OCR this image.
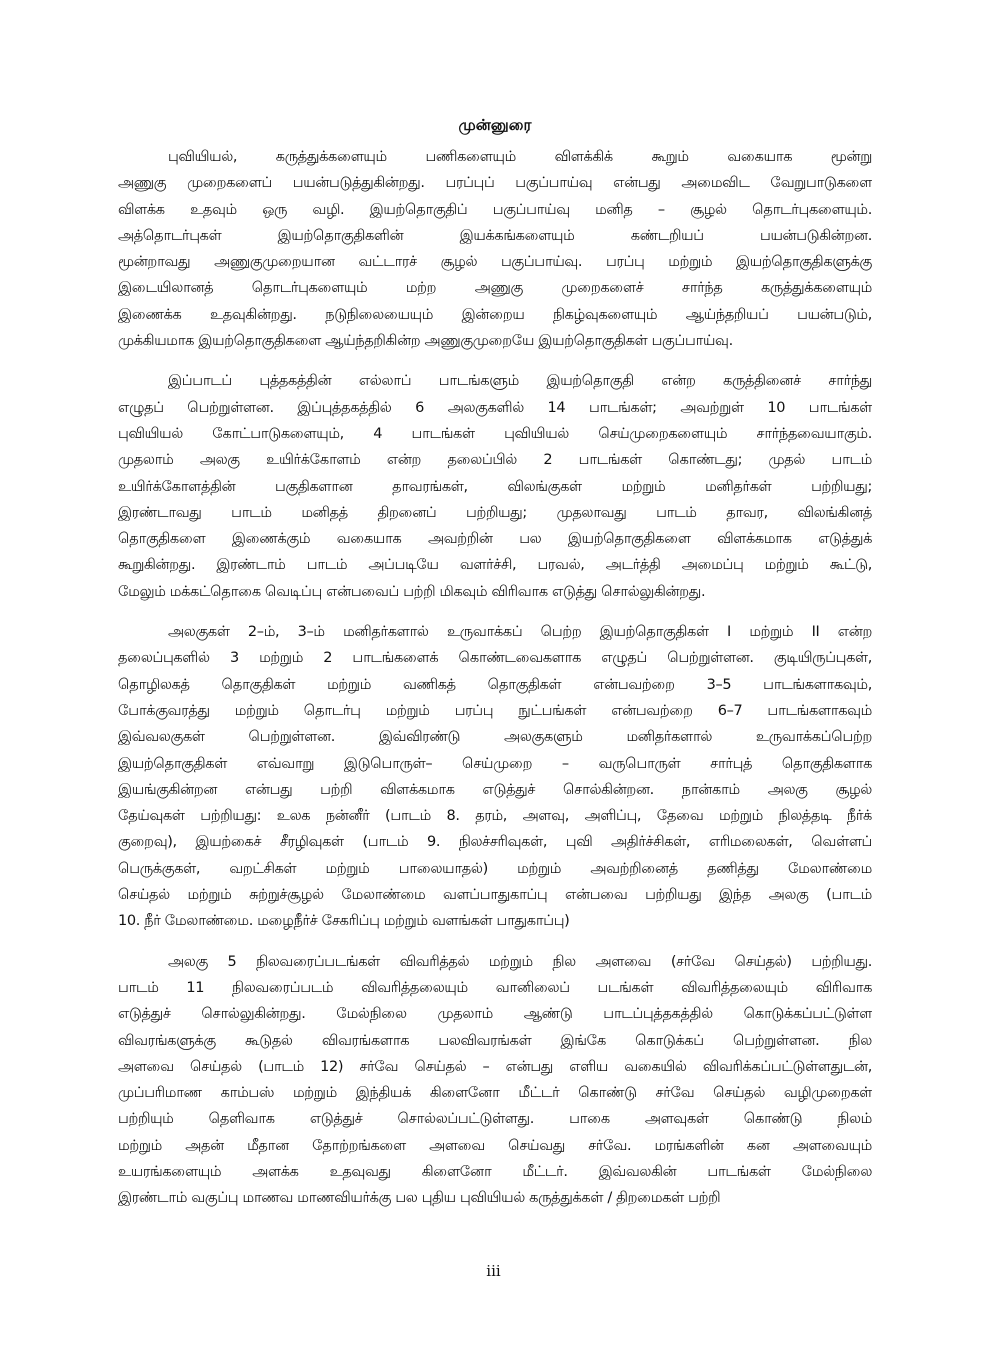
முன்னுரை
புவியியல், கருத்துக்களையும் பணிகளையும் விளக்கிக் கூறும் வகையாக மூன்று
அணுகு முறைகளைப் பயன்படுத்துகின்றது. பரப்புப் பகுப்பாய்வு என்பது அமைவிட வேறுபாடுகளை
விளக்க உதவும் ஒரு வழி. இயற்தொகுதிப் பகுப்பாய்வு மனித – சூழல் தொடர்புகளையும்.
அத்தொடர்புகள் இயற்தொகுதிகளின் இயக்கங்களையும் கண்டறியப் பயன்படுகின்றன.
மூன்றாவது அணுகுமுறையான வட்டாரச் சூழல் பகுப்பாய்வு. பரப்பு மற்றும் இயற்தொகுதிகளுக்கு
இடையிலானத் தொடர்புகளையும் மற்ற அணுகு முறைகளைச் சார்ந்த கருத்துக்களையும்
இணைக்க உதவுகின்றது. நடுநிலையையும் இன்றைய நிகழ்வுகளையும் ஆய்ந்தறியப் பயன்படும்,
முக்கியமாக இயற்தொகுதிகளை ஆய்ந்தறிகின்ற அணுகுமுறையே இயற்தொகுதிகள் பகுப்பாய்வு.
இப்பாடப் புத்தகத்தின் எல்லாப் பாடங்களும் இயற்தொகுதி என்ற கருத்தினைச் சார்ந்து
எழுதப் பெற்றுள்ளன. இப்புத்தகத்தில் 6 அலகுகளில் 14 பாடங்கள்; அவற்றுள் 10 பாடங்கள்
புவியியல் கோட்பாடுகளையும், 4 பாடங்கள் புவியியல் செய்முறைகளையும் சார்ந்தவையாகும்.
முதலாம் அலகு உயிர்க்கோளம் என்ற தலைப்பில் 2 பாடங்கள் கொண்டது; முதல் பாடம்
உயிர்க்கோளத்தின் பகுதிகளான தாவரங்கள், விலங்குகள் மற்றும் மனிதர்கள் பற்றியது;
இரண்டாவது பாடம் மனிதத் திறனைப் பற்றியது; முதலாவது பாடம் தாவர, விலங்கினத்
தொகுதிகளை இணைக்கும் வகையாக அவற்றின் பல இயற்தொகுதிகளை விளக்கமாக எடுத்துக்
கூறுகின்றது. இரண்டாம் பாடம் அப்படியே வளர்ச்சி, பரவல், அடர்த்தி அமைப்பு மற்றும் கூட்டு,
மேலும் மக்கட்தொகை வெடிப்பு என்பவைப் பற்றி மிகவும் விரிவாக எடுத்து சொல்லுகின்றது.
அலகுகள் 2–ம், 3–ம் மனிதர்களால் உருவாக்கப் பெற்ற இயற்தொகுதிகள் I மற்றும் II என்ற
தலைப்புகளில் 3 மற்றும் 2 பாடங்களைக் கொண்டவைகளாக எழுதப் பெற்றுள்ளன. குடியிருப்புகள்,
தொழிலகத் தொகுதிகள் மற்றும் வணிகத் தொகுதிகள் என்பவற்றை 3–5 பாடங்களாகவும்,
போக்குவரத்து மற்றும் தொடர்பு மற்றும் பரப்பு நுட்பங்கள் என்பவற்றை 6–7 பாடங்களாகவும்
இவ்வலகுகள் பெற்றுள்ளன. இவ்விரண்டு அலகுகளும் மனிதர்களால் உருவாக்கப்பெற்ற
இயற்தொகுதிகள் எவ்வாறு இடுபொருள்– செய்முறை – வருபொருள் சார்புத் தொகுதிகளாக
இயங்குகின்றன என்பது பற்றி விளக்கமாக எடுத்துச் சொல்கின்றன. நான்காம் அலகு சூழல்
தேய்வுகள் பற்றியது: உலக நன்னீர் (பாடம் 8. தரம், அளவு, அளிப்பு, தேவை மற்றும் நிலத்தடி நீர்க்
குறைவு), இயற்கைச் சீரழிவுகள் (பாடம் 9. நிலச்சரிவுகள், புவி அதிர்ச்சிகள், எரிமலைகள், வெள்ளப்
பெருக்குகள், வறட்சிகள் மற்றும் பாலையாதல்) மற்றும் அவற்றினைத் தணித்து மேலாண்மை
செய்தல் மற்றும் சுற்றுச்சூழல் மேலாண்மை வளப்பாதுகாப்பு என்பவை பற்றியது இந்த அலகு (பாடம்
10. நீர் மேலாண்மை. மழைநீர்ச் சேகரிப்பு மற்றும் வளங்கள் பாதுகாப்பு)
அலகு 5 நிலவரைப்படங்கள் விவரித்தல் மற்றும் நில அளவை (சர்வே செய்தல்) பற்றியது.
பாடம் 11 நிலவரைப்படம் விவரித்தலையும் வானிலைப் படங்கள் விவரித்தலையும் விரிவாக
எடுத்துச் சொல்லுகின்றது. மேல்நிலை முதலாம் ஆண்டு பாடப்புத்தகத்தில் கொடுக்கப்பட்டுள்ள
விவரங்களுக்கு கூடுதல் விவரங்களாக பலவிவரங்கள் இங்கே கொடுக்கப் பெற்றுள்ளன. நில
அளவை செய்தல் (பாடம் 12) சர்வே செய்தல் – என்பது எளிய வகையில் விவரிக்கப்பட்டுள்ளதுடன்,
முப்பரிமாண காம்பஸ் மற்றும் இந்தியக் கிளைனோ மீட்டர் கொண்டு சர்வே செய்தல் வழிமுறைகள்
பற்றியும் தெளிவாக எடுத்துச் சொல்லப்பட்டுள்ளது. பாகை அளவுகள் கொண்டு நிலம்
மற்றும் அதன் மீதான தோற்றங்களை அளவை செய்வது சர்வே. மரங்களின் கன அளவையும்
உயரங்களையும் அளக்க உதவுவது கிளைனோ மீட்டர். இவ்வலகின் பாடங்கள் மேல்நிலை
இரண்டாம் வகுப்பு மாணவ மாணவியர்க்கு பல புதிய புவியியல் கருத்துக்கள் / திறமைகள் பற்றி
iii
